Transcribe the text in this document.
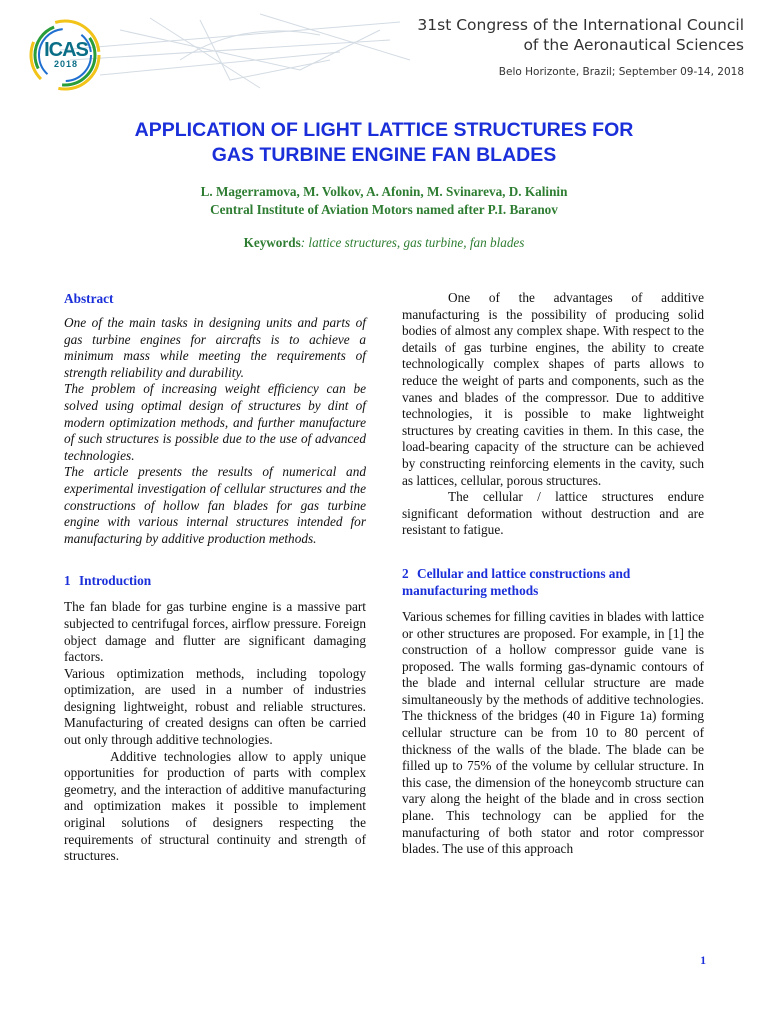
ICAS
2018
31st Congress of the International Council
of the Aeronautical Sciences
Belo Horizonte, Brazil; September 09-14, 2018
APPLICATION OF LIGHT LATTICE STRUCTURES FOR
GAS TURBINE ENGINE FAN BLADES
L. Magerramova, M. Volkov, A. Afonin, M. Svinareva, D. Kalinin
Central Institute of Aviation Motors named after P.I. Baranov
Keywords: lattice structures, gas turbine, fan blades
Abstract

One of the main tasks in designing units and parts of gas turbine engines for aircrafts is to achieve a minimum mass while meeting the requirements of strength reliability and durability.

The problem of increasing weight efficiency can be solved using optimal design of structures by dint of modern optimization methods, and further manufacture of such structures is possible due to the use of advanced technologies.

The article presents the results of numerical and experimental investigation of cellular structures and the constructions of hollow fan blades for gas turbine engine with various internal structures intended for manufacturing by additive production methods.

1 Introduction

The fan blade for gas turbine engine is a massive part subjected to centrifugal forces, airflow pressure. Foreign object damage and flutter are significant damaging factors.

Various optimization methods, including topology optimization, are used in a number of industries designing lightweight, robust and reliable structures. Manufacturing of created designs can often be carried out only through additive technologies.

Additive technologies allow to apply unique opportunities for production of parts with complex geometry, and the interaction of additive manufacturing and optimization makes it possible to implement original solutions of designers respecting the requirements of structural continuity and strength of structures.

One of the advantages of additive manufacturing is the possibility of producing solid bodies of almost any complex shape. With respect to the details of gas turbine engines, the ability to create technologically complex shapes of parts allows to reduce the weight of parts and components, such as the vanes and blades of the compressor. Due to additive technologies, it is possible to make lightweight structures by creating cavities in them. In this case, the load-bearing capacity of the structure can be achieved by constructing reinforcing elements in the cavity, such as lattices, cellular, porous structures.

The cellular / lattice structures endure significant deformation without destruction and are resistant to fatigue.

2 Cellular and lattice constructions and
manufacturing methods

Various schemes for filling cavities in blades with lattice or other structures are proposed. For example, in [1] the construction of a hollow compressor guide vane is proposed. The walls forming gas-dynamic contours of the blade and internal cellular structure are made simultaneously by the methods of additive technologies. The thickness of the bridges (40 in Figure 1a) forming cellular structure can be from 10 to 80 percent of thickness of the walls of the blade. The blade can be filled up to 75% of the volume by cellular structure. In this case, the dimension of the honeycomb structure can vary along the height of the blade and in cross section plane. This technology can be applied for the manufacturing of both stator and rotor compressor blades. The use of this approach

1
